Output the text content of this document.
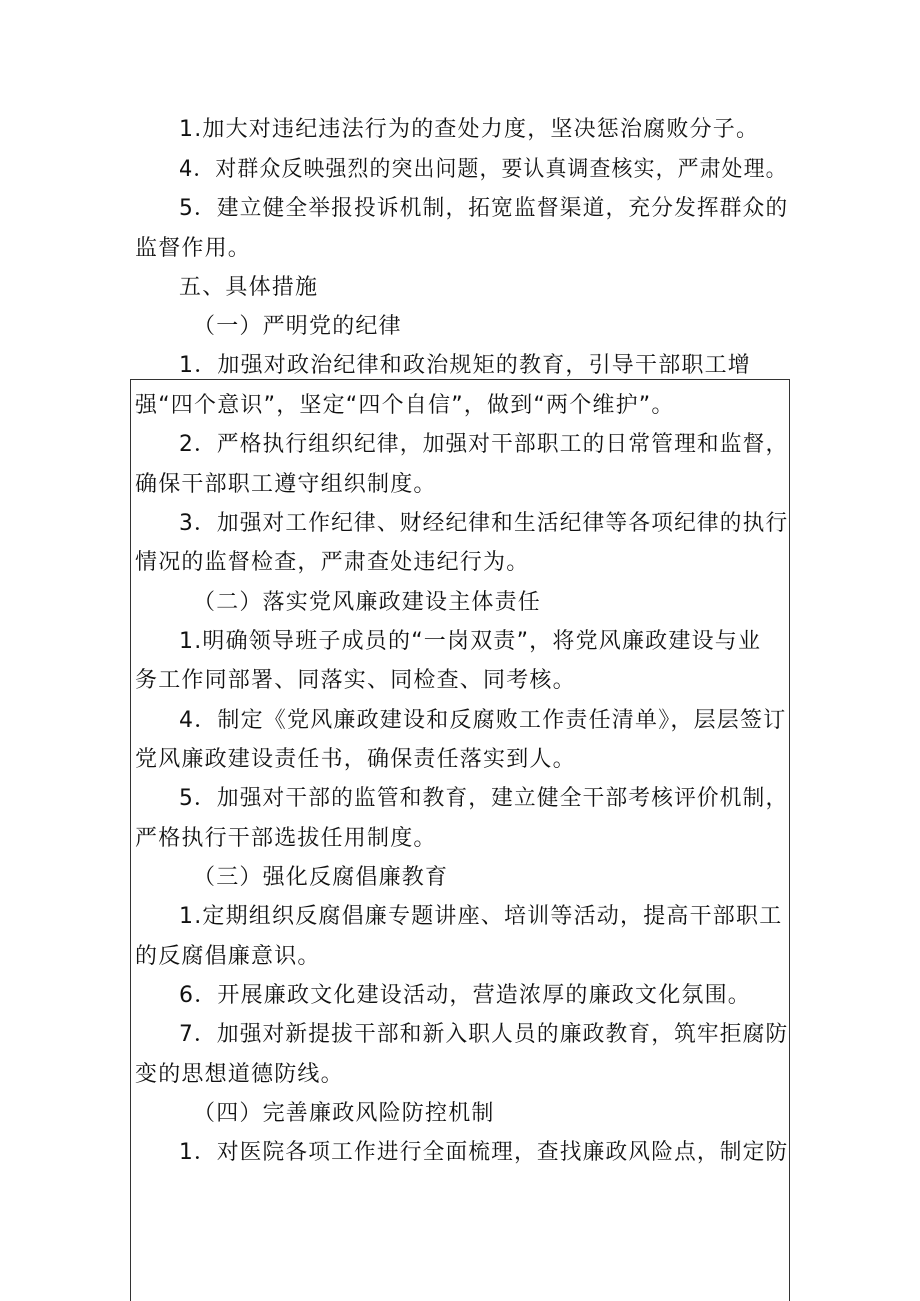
1.加大对违纪违法行为的查处力度，坚决惩治腐败分子。
4．对群众反映强烈的突出问题，要认真调查核实，严肃处理。
5．建立健全举报投诉机制，拓宽监督渠道，充分发挥群众的
监督作用。
五、具体措施
（一）严明党的纪律
1．加强对政治纪律和政治规矩的教育，引导干部职工增
强“四个意识”，坚定“四个自信”，做到“两个维护”。
2．严格执行组织纪律，加强对干部职工的日常管理和监督，
确保干部职工遵守组织制度。
3．加强对工作纪律、财经纪律和生活纪律等各项纪律的执行
情况的监督检查，严肃查处违纪行为。
（二）落实党风廉政建设主体责任
1.明确领导班子成员的“一岗双责”，将党风廉政建设与业
务工作同部署、同落实、同检查、同考核。
4．制定《党风廉政建设和反腐败工作责任清单》，层层签订
党风廉政建设责任书，确保责任落实到人。
5．加强对干部的监管和教育，建立健全干部考核评价机制，
严格执行干部选拔任用制度。
（三）强化反腐倡廉教育
1.定期组织反腐倡廉专题讲座、培训等活动，提高干部职工
的反腐倡廉意识。
6．开展廉政文化建设活动，营造浓厚的廉政文化氛围。
7．加强对新提拔干部和新入职人员的廉政教育，筑牢拒腐防
变的思想道德防线。
（四）完善廉政风险防控机制
1．对医院各项工作进行全面梳理，查找廉政风险点，制定防
